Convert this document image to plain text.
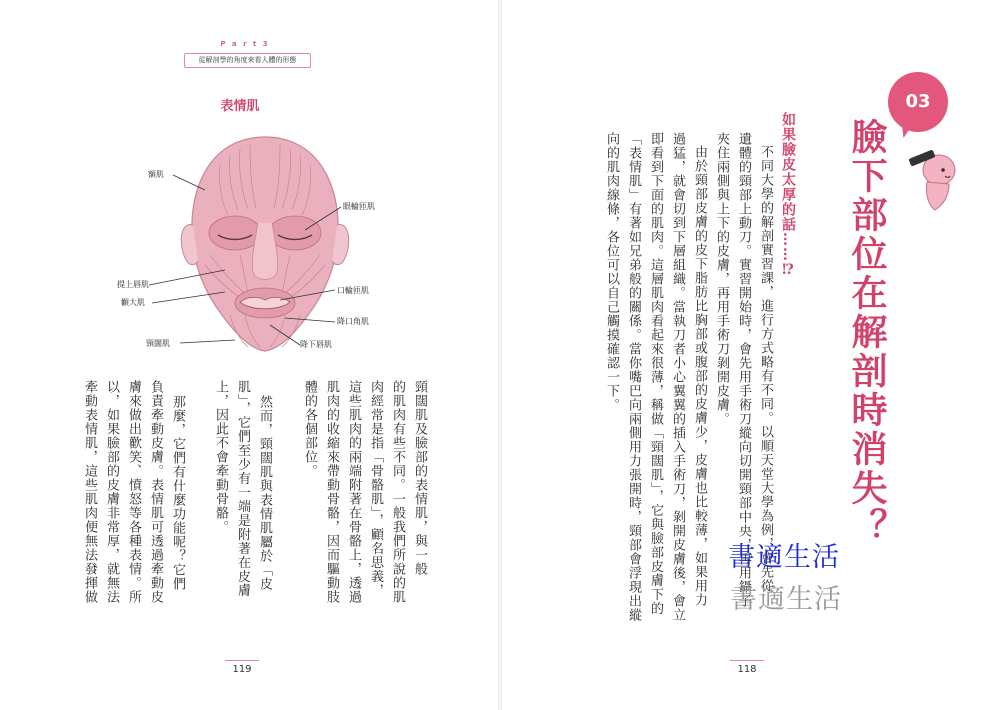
P a r t 3
從解剖學的角度來看人體的形態
表情肌
額肌
眼輪匝肌
提上唇肌
顴大肌
口輪匝肌
降口角肌
頸闊肌	降下唇肌
頸闊肌及臉部的表情肌，與一般
的肌肉有些不同。一般我們所說的肌
肉經常是指「骨骼肌」，顧名思義，
這些肌肉的兩端附著在骨骼上，透過
肌肉的收縮來帶動骨骼，因而驅動肢
體的各個部位。
然而，頸闊肌與表情肌屬於「皮
肌」，它們至少有一端是附著在皮膚
上，因此不會牽動骨骼。
那麼，它們有什麼功能呢？它們
負責牽動皮膚。表情肌可透過牽動皮
膚來做出歡笑、憤怒等各種表情。所
以，如果臉部的皮膚非常厚，就無法
牽動表情肌，這些肌肉便無法發揮做
119
03
臉下部位在解剖時消失？
如果臉皮太厚的話……⁉
不同大學的解剖實習課，進行方式略有不同。以順天堂大學為例，會先從
遺體的頸部上動刀。實習開始時，會先用手術刀縱向切開頸部中央，再用鑷子
夾住兩側與上下的皮膚，再用手術刀剝開皮膚。
由於頸部皮膚的皮下脂肪比胸部或腹部的皮膚少，皮膚也比較薄，如果用力
過猛，就會切到下層組織。當執刀者小心翼翼的插入手術刀，剝開皮膚後，會立
即看到下面的肌肉。這層肌肉看起來很薄，稱做「頸闊肌」，它與臉部皮膚下的
「表情肌」有著如兄弟般的關係。當你嘴巴向兩側用力張開時，頸部會浮現出縱
向的肌肉線條，各位可以自己觸摸確認一下。
118
書適生活
書適生活
